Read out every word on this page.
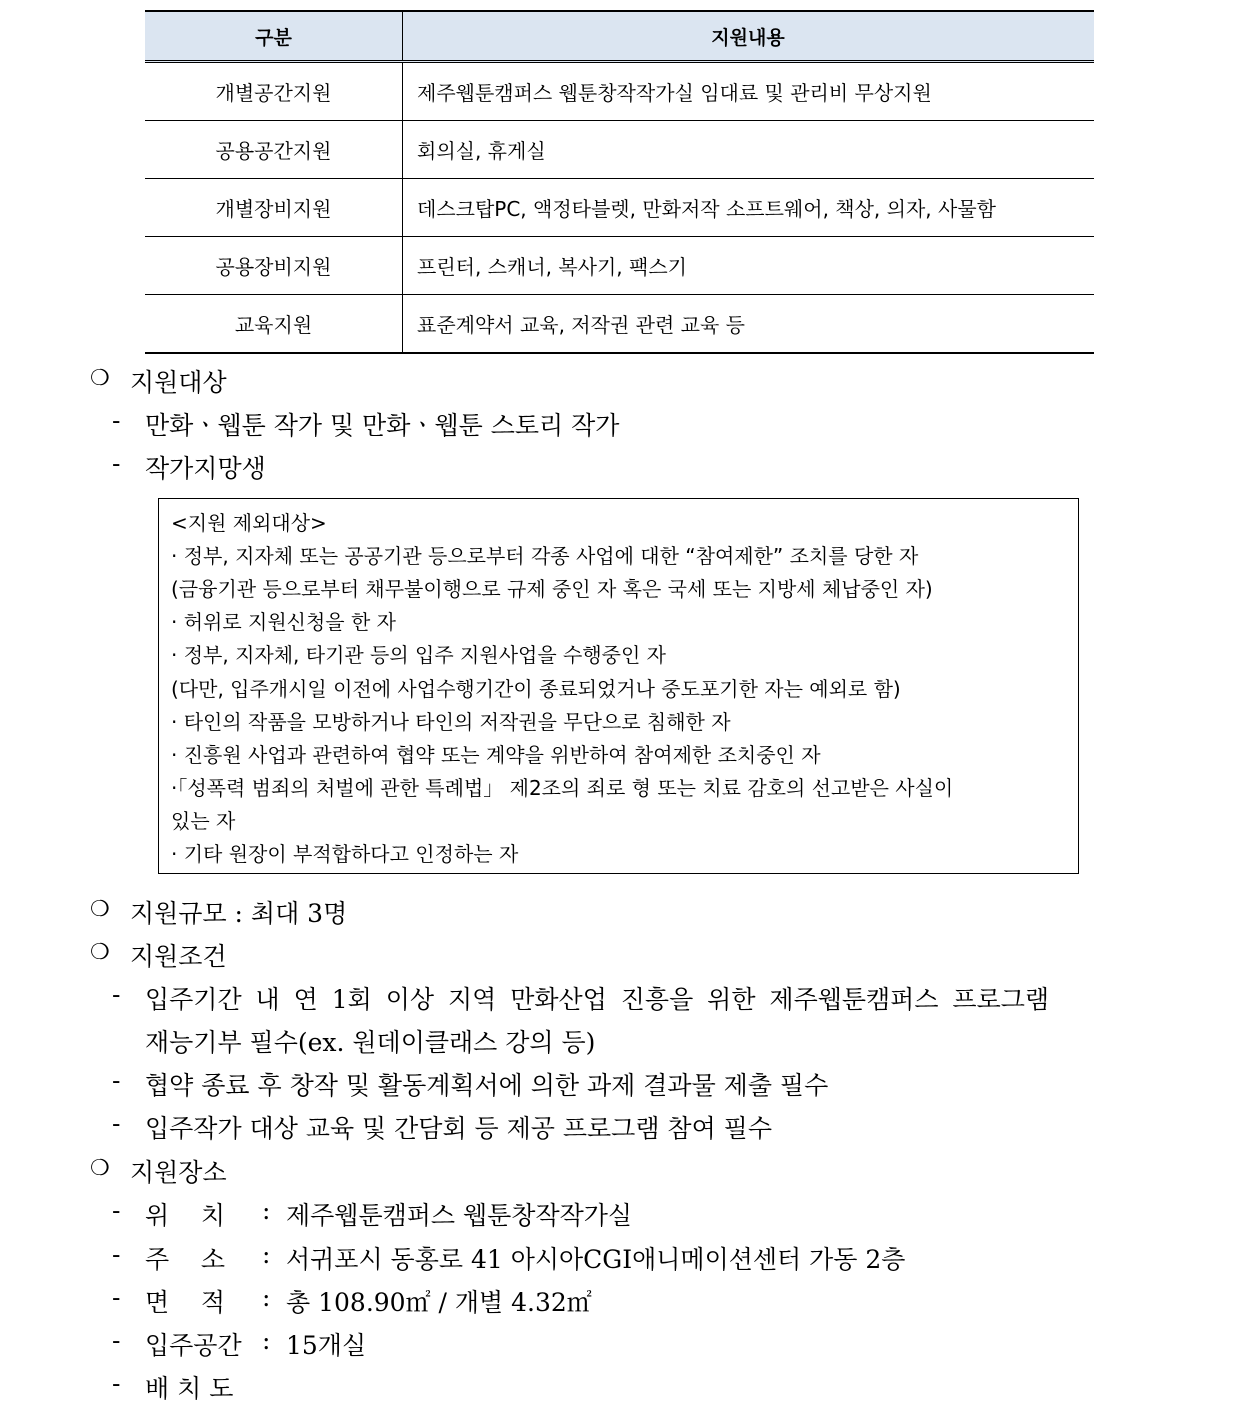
구분	지원내용
개별공간지원	제주웹툰캠퍼스 웹툰창작작가실 임대료 및 관리비 무상지원
공용공간지원	회의실, 휴게실
개별장비지원	데스크탑PC, 액정타블렛, 만화저작 소프트웨어, 책상, 의자, 사물함
공용장비지원	프린터, 스캐너, 복사기, 팩스기
교육지원	표준계약서 교육, 저작권 관련 교육 등
❍ 지원대상
- 만화ㆍ웹툰 작가 및 만화ㆍ웹툰 스토리 작가
- 작가지망생
<지원 제외대상>
· 정부, 지자체 또는 공공기관 등으로부터 각종 사업에 대한 “참여제한” 조치를 당한 자
(금융기관 등으로부터 채무불이행으로 규제 중인 자 혹은 국세 또는 지방세 체납중인 자)
· 허위로 지원신청을 한 자
· 정부, 지자체, 타기관 등의 입주 지원사업을 수행중인 자
(다만, 입주개시일 이전에 사업수행기간이 종료되었거나 중도포기한 자는 예외로 함)
· 타인의 작품을 모방하거나 타인의 저작권을 무단으로 침해한 자
· 진흥원 사업과 관련하여 협약 또는 계약을 위반하여 참여제한 조치중인 자
·「성폭력 범죄의 처벌에 관한 특례법」 제2조의 죄로 형 또는 치료 감호의 선고받은 사실이
있는 자
· 기타 원장이 부적합하다고 인정하는 자
❍ 지원규모 : 최대 3명
❍ 지원조건
- 입주기간 내 연 1회 이상 지역 만화산업 진흥을 위한 제주웹툰캠퍼스 프로그램
재능기부 필수(ex. 원데이클래스 강의 등)
- 협약 종료 후 창작 및 활동계획서에 의한 과제 결과물 제출 필수
- 입주작가 대상 교육 및 간담회 등 제공 프로그램 참여 필수
❍ 지원장소
- 위    치 : 제주웹툰캠퍼스 웹툰창작작가실
- 주    소 : 서귀포시 동홍로 41 아시아CGI애니메이션센터 가동 2층
- 면    적 : 총 108.90㎡ / 개별 4.32㎡
- 입주공간 : 15개실
- 배 치 도
